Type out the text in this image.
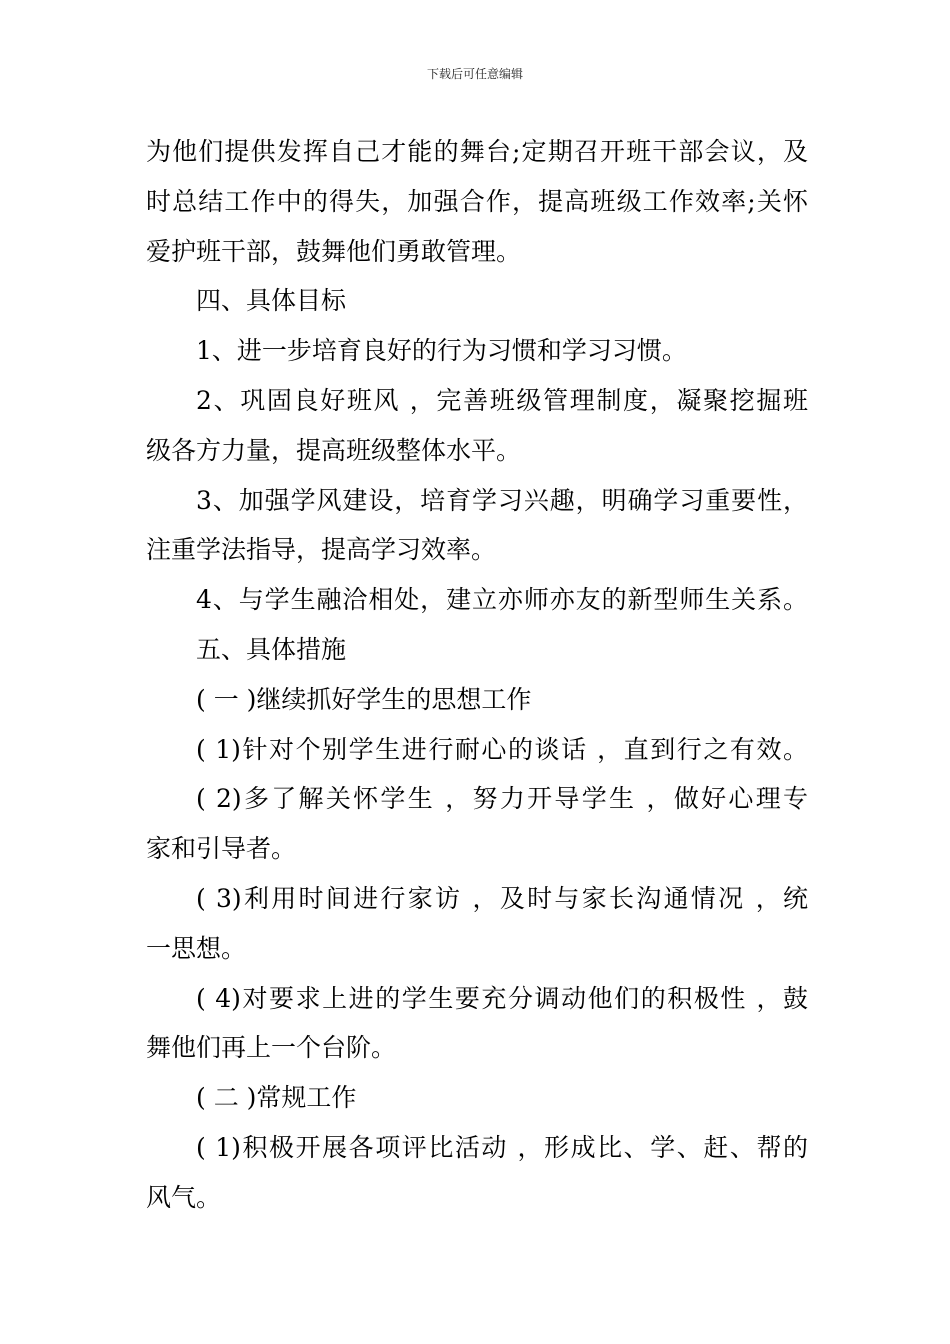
下载后可任意编辑
为他们提供发挥自己才能的舞台;定期召开班干部会议，及
时总结工作中的得失，加强合作，提高班级工作效率;关怀
爱护班干部，鼓舞他们勇敢管理。
四、具体目标
1、进一步培育良好的行为习惯和学习习惯。
2、巩固良好班风 ，完善班级管理制度，凝聚挖掘班
级各方力量，提高班级整体水平。
3、加强学风建设，培育学习兴趣，明确学习重要性，
注重学法指导，提高学习效率。
4、与学生融洽相处，建立亦师亦友的新型师生关系。
五、具体措施
( 一 )继续抓好学生的思想工作
( 1)针对个别学生进行耐心的谈话 ，直到行之有效。
( 2)多了解关怀学生 ，努力开导学生 ，做好心理专
家和引导者。
( 3)利用时间进行家访 ，及时与家长沟通情况 ，统
一思想。
( 4)对要求上进的学生要充分调动他们的积极性 ，鼓
舞他们再上一个台阶。
( 二 )常规工作
( 1)积极开展各项评比活动 ，形成比、学、赶、帮的
风气。
